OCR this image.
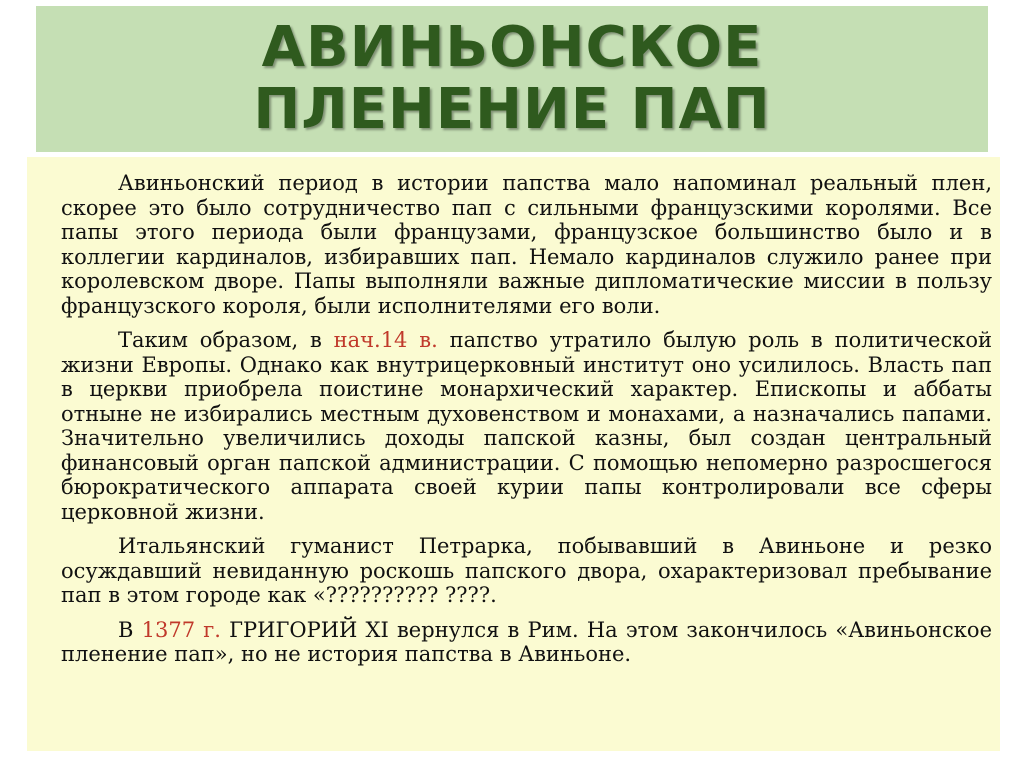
АВИНЬОНСКОЕ
ПЛЕНЕНИЕ ПАП

Авиньонский период в истории папства мало напоминал реальный плен, скорее это было сотрудничество пап с сильными французскими королями. Все папы этого периода были французами, французское большинство было и в коллегии кардиналов, избиравших пап. Немало кардиналов служило ранее при королевском дворе. Папы выполняли важные дипломатические миссии в пользу французского короля, были исполнителями его воли.

Таким образом, в нач.14 в. папство утратило былую роль в политической жизни Европы. Однако как внутрицерковный институт оно усилилось. Власть пап в церкви приобрела поистине монархический характер. Епископы и аббаты отныне не избирались местным духовенством и монахами, а назначались папами. Значительно увеличились доходы папской казны, был создан центральный финансовый орган папской администрации. С помощью непомерно разросшегося бюрократического аппарата своей курии папы контролировали все сферы церковной жизни.

Итальянский гуманист Петрарка, побывавший в Авиньоне и резко осуждавший невиданную роскошь папского двора, охарактеризовал пребывание пап в этом городе как «?????????? ????.

В 1377 г. ГРИГОРИЙ XI вернулся в Рим. На этом закончилось «Авиньонское пленение пап», но не история папства в Авиньоне.
